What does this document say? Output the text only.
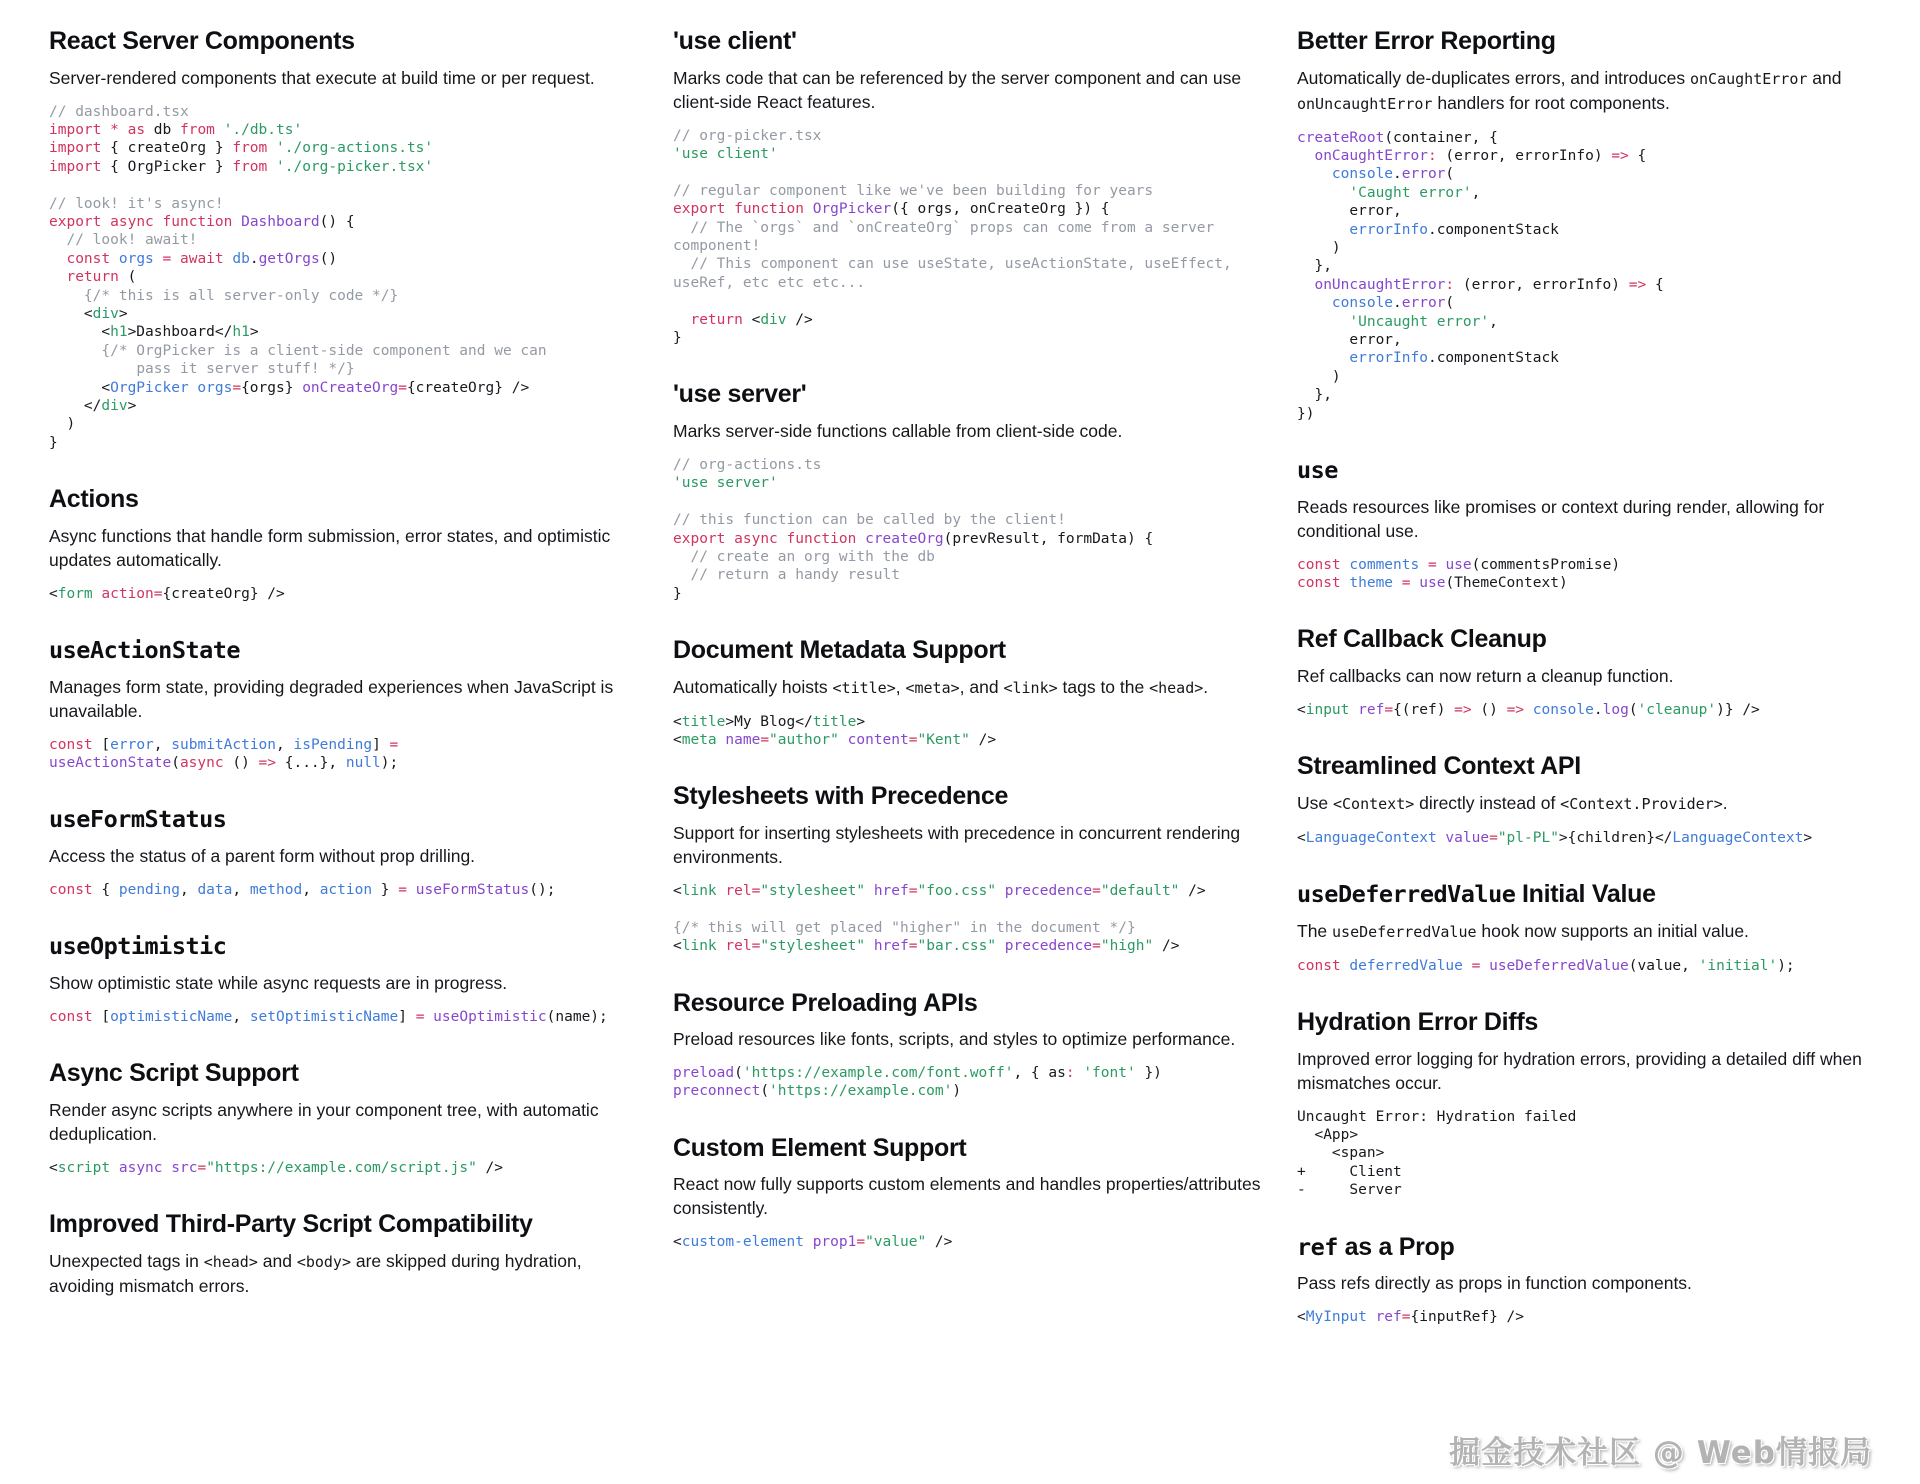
React Server Components

Server-rendered components that execute at build time or per request.

// dashboard.tsx
import * as db from './db.ts'
import { createOrg } from './org-actions.ts'
import { OrgPicker } from './org-picker.tsx'

// look! it's async!
export async function Dashboard() {
// look! await!
const orgs = await db.getOrgs()
return (
{/* this is all server-only code */}
<div>
<h1>Dashboard</h1>
{/* OrgPicker is a client-side component and we can
pass it server stuff! */}
<OrgPicker orgs={orgs} onCreateOrg={createOrg} />
</div>
)
}

Actions

Async functions that handle form submission, error states, and optimistic updates automatically.

<form action={createOrg} />

useActionState

Manages form state, providing degraded experiences when JavaScript is unavailable.

const [error, submitAction, isPending] =
useActionState(async () => {...}, null);

useFormStatus

Access the status of a parent form without prop drilling.

const { pending, data, method, action } = useFormStatus();

useOptimistic

Show optimistic state while async requests are in progress.

const [optimisticName, setOptimisticName] = useOptimistic(name);

Async Script Support

Render async scripts anywhere in your component tree, with automatic deduplication.

<script async src="https://example.com/script.js" />

Improved Third-Party Script Compatibility

Unexpected tags in <head> and <body> are skipped during hydration, avoiding mismatch errors.

'use client'

Marks code that can be referenced by the server component and can use client-side React features.

// org-picker.tsx
'use client'

// regular component like we've been building for years
export function OrgPicker({ orgs, onCreateOrg }) {
// The `orgs` and `onCreateOrg` props can come from a server
component!
// This component can use useState, useActionState, useEffect,
useRef, etc etc etc...

return <div />
}

'use server'

Marks server-side functions callable from client-side code.

// org-actions.ts
'use server'

// this function can be called by the client!
export async function createOrg(prevResult, formData) {
// create an org with the db
// return a handy result
}

Document Metadata Support

Automatically hoists <title>, <meta>, and <link> tags to the <head>.

<title>My Blog</title>
<meta name="author" content="Kent" />

Stylesheets with Precedence

Support for inserting stylesheets with precedence in concurrent rendering environments.

<link rel="stylesheet" href="foo.css" precedence="default" />

{/* this will get placed "higher" in the document */}
<link rel="stylesheet" href="bar.css" precedence="high" />

Resource Preloading APIs

Preload resources like fonts, scripts, and styles to optimize performance.

preload('https://example.com/font.woff', { as: 'font' })
preconnect('https://example.com')

Custom Element Support

React now fully supports custom elements and handles properties/​attributes consistently.

<custom-element prop1="value" />

Better Error Reporting

Automatically de-duplicates errors, and introduces onCaughtError and onUncaughtError handlers for root components.

createRoot(container, {
onCaughtError: (error, errorInfo) => {
console.error(
'Caught error',
error,
errorInfo.componentStack
)
},
onUncaughtError: (error, errorInfo) => {
console.error(
'Uncaught error',
error,
errorInfo.componentStack
)
},
})

use

Reads resources like promises or context during render, allowing for conditional use.

const comments = use(commentsPromise)
const theme = use(ThemeContext)

Ref Callback Cleanup

Ref callbacks can now return a cleanup function.

<input ref={(ref) => () => console.log('cleanup')} />

Streamlined Context API

Use <Context> directly instead of <Context.Provider>.

<LanguageContext value="pl-PL">{children}</LanguageContext>

useDeferredValue Initial Value

The useDeferredValue hook now supports an initial value.

const deferredValue = useDeferredValue(value, 'initial');

Hydration Error Diffs

Improved error logging for hydration errors, providing a detailed diff when mismatches occur.

Uncaught Error: Hydration failed
<App>
<span>
+     Client
-     Server

ref as a Prop

Pass refs directly as props in function components.

<MyInput ref={inputRef} />

掘金技术社区 @ Web情报局
